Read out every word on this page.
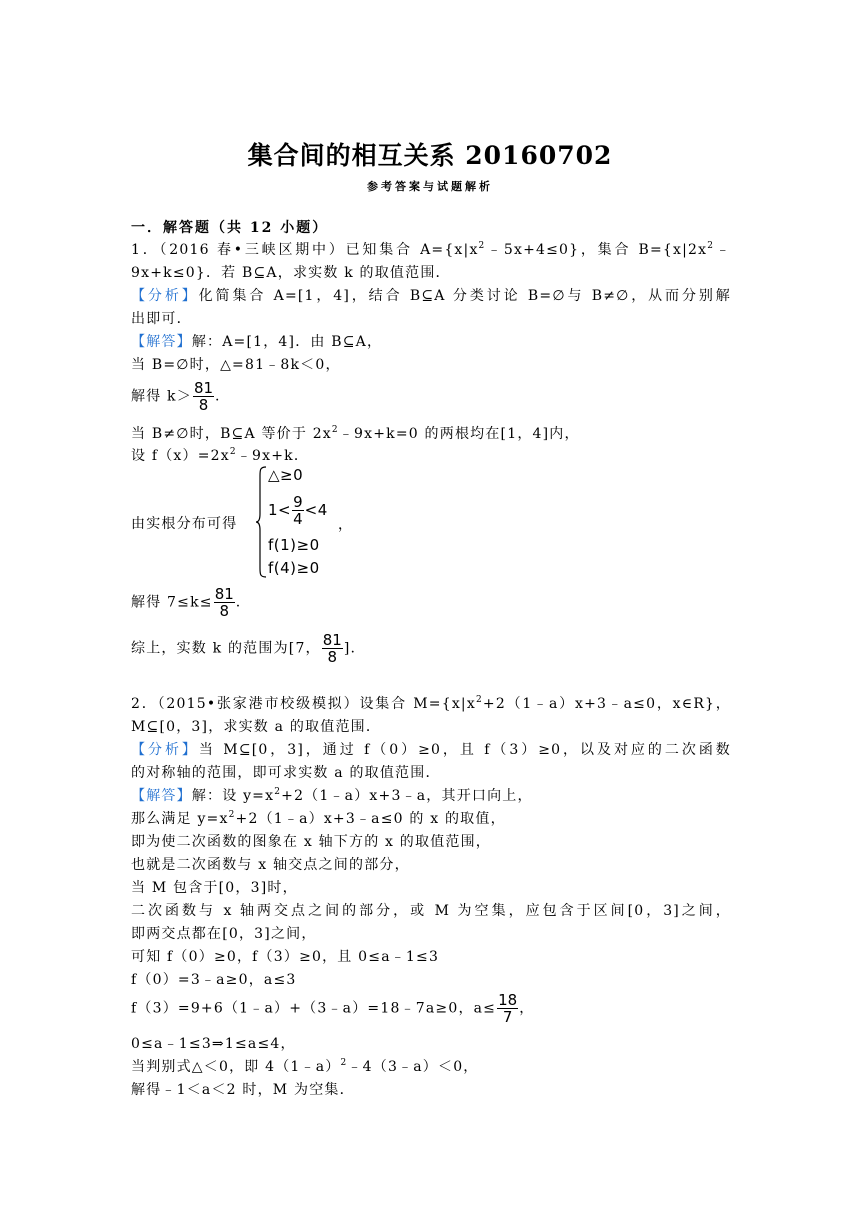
集合间的相互关系 20160702
参考答案与试题解析
一．解答题（共 12 小题）
1．（2016 春•三峡区期中）已知集合 $A=\{x|x^2﹣5x+4\le 0\}$，集合 $B=\{x|2x^2﹣$
9x+k≤0}．若 B⊆A，求实数 k 的取值范围．
【分析】化简集合 A=[1，4]，结合 B⊆A 分类讨论 B=∅与 B≠∅，从而分别解
出即可．
【解答】解：A=[1，4]．由 B⊆A，
当 B=∅时，△=81﹣8k＜0，
解得 $k> \frac{81}{8}$ .
当 B≠∅时，B⊆A 等价于 $2x^2﹣9x+k=0$ 的两根均在[1，4]内，
设 $f(x)=2x^2﹣9x+k$．
由实根分布可得
△≥0
$1< \frac{9}{4} <4$
，
f(1)≥0
f(4)≥0
解得 $7\le k\le \frac{81}{8}$ .
综上，实数 k 的范围为[7， $\frac{81}{8}$ ].
2．（2015•张家港市校级模拟）设集合 $M=\{x|x^2+2(1﹣a)x+3﹣a\le 0$，x∈R}，
M⊆[0，3]，求实数 a 的取值范围．
【分析】当 M⊆[0，3]，通过 f（0）≥0，且 f（3）≥0，以及对应的二次函数
的对称轴的范围，即可求实数 a 的取值范围．
【解答】解：设 $y=x^2+2(1﹣a)x+3﹣a$，其开口向上，
那么满足 $y=x^2+2(1﹣a)x+3﹣a\le 0$ 的 x 的取值，
即为使二次函数的图象在 x 轴下方的 x 的取值范围，
也就是二次函数与 x 轴交点之间的部分，
当 M 包含于[0，3]时，
二次函数与 x 轴两交点之间的部分，或 M 为空集，应包含于区间[0，3]之间，
即两交点都在[0，3]之间，
可知 f（0）≥0，f（3）≥0，且 0≤a﹣1≤3
f（0）=3﹣a≥0，a≤3
f（3）=9+6（1﹣a）+（3﹣a）=18﹣7a≥0，$a\le \frac{18}{7}$ ，
0≤a﹣1≤3⇒1≤a≤4，
当判别式△＜0，即 4（1﹣a）$^2$﹣4（3﹣a）＜0，
解得﹣1＜a＜2 时，M 为空集．
